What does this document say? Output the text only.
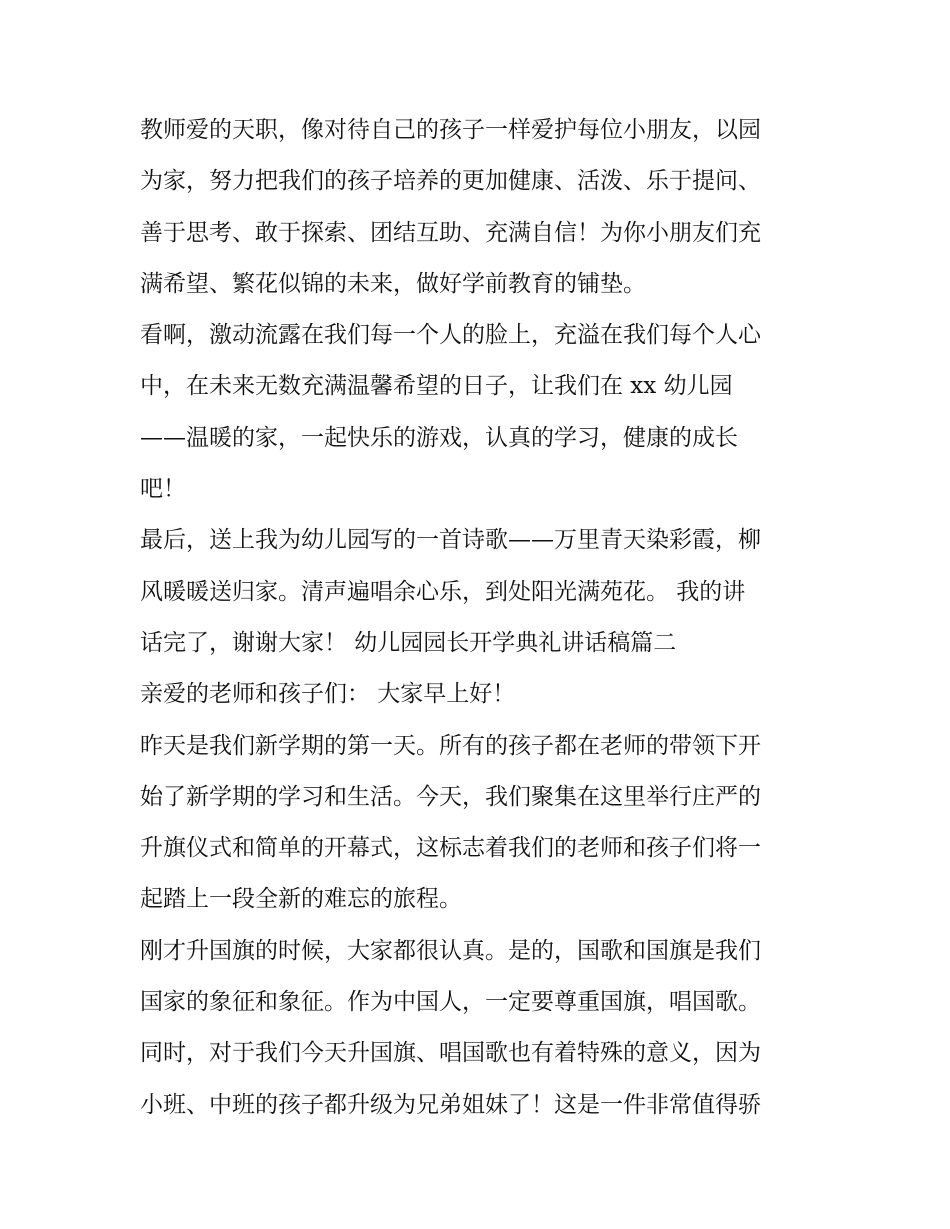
教师爱的天职，像对待自己的孩子一样爱护每位小朋友，以园
为家，努力把我们的孩子培养的更加健康、活泼、乐于提问、
善于思考、敢于探索、团结互助、充满自信！为你小朋友们充
满希望、繁花似锦的未来，做好学前教育的铺垫。
看啊，激动流露在我们每一个人的脸上，充溢在我们每个人心
中，在未来无数充满温馨希望的日子，让我们在 xx 幼儿园
——温暖的家，一起快乐的游戏，认真的学习，健康的成长
吧！
最后，送上我为幼儿园写的一首诗歌——万里青天染彩霞，柳
风暖暖送归家。清声遍唱余心乐，到处阳光满苑花。 我的讲
话完了，谢谢大家！ 幼儿园园长开学典礼讲话稿篇二
亲爱的老师和孩子们： 大家早上好！
昨天是我们新学期的第一天。所有的孩子都在老师的带领下开
始了新学期的学习和生活。今天，我们聚集在这里举行庄严的
升旗仪式和简单的开幕式，这标志着我们的老师和孩子们将一
起踏上一段全新的难忘的旅程。
刚才升国旗的时候，大家都很认真。是的，国歌和国旗是我们
国家的象征和象征。作为中国人，一定要尊重国旗，唱国歌。
同时，对于我们今天升国旗、唱国歌也有着特殊的意义，因为
小班、中班的孩子都升级为兄弟姐妹了！这是一件非常值得骄
